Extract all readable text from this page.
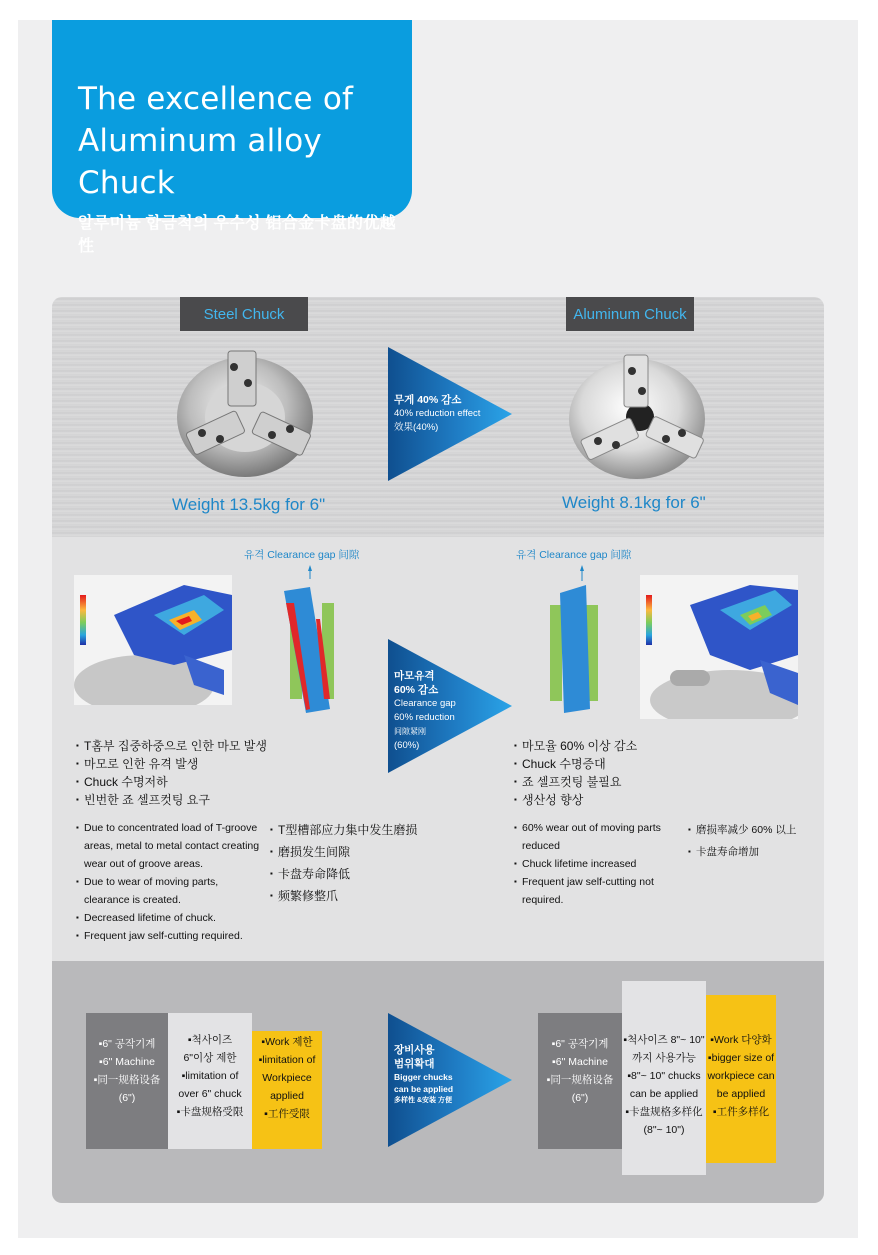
The excellence of
Aluminum alloy Chuck
알루미늄 합금척의 우수성 铝合金卡盘的优越性
Steel Chuck	Aluminum Chuck
Weight 13.5kg for 6"	Weight 8.1kg for 6"
무게 40% 감소
40% reduction effect
效果(40%)
유격 Clearance gap 间隙	유격 Clearance gap 间隙
마모유격
60% 감소
Clearance gap
60% reduction
间隙紧刚
(60%)
▪ T홈부 집중하중으로 인한 마모 발생
▪ 마모로 인한 유격 발생
▪ Chuck 수명저하
▪ 빈번한 죠 셀프컷팅 요구
▪ Due to concentrated load of T-groove areas, metal to metal contact creating wear out of groove areas.
▪ Due to wear of moving parts, clearance is created.
▪ Decreased lifetime of chuck.
▪ Frequent jaw self-cutting required.
▪ T型槽部应力集中发生磨损
▪ 磨损发生间隙
▪ 卡盘寿命降低
▪ 频繁修整爪
▪ 마모율 60% 이상 감소
▪ Chuck 수명증대
▪ 죠 셀프컷팅 불필요
▪ 생산성 향상
▪ 60% wear out of moving parts reduced
▪ Chuck lifetime increased
▪ Frequent jaw self-cutting not required.
▪ 磨损率减少 60% 以上
▪ 卡盘寿命增加
▪6" 공작기계
▪6" Machine
▪同一规格设备
(6")
▪척사이즈
6"이상 제한
▪limitation of
over 6" chuck
▪卡盘规格受限
▪Work 제한
▪limitation of
Workpiece
applied
▪工件受限
장비사용
범위확대
Bigger chucks
can be applied
多样性 &安装 方便
▪6" 공작기계
▪6" Machine
▪同一规格设备
(6")
▪척사이즈 8"~ 10"
까지 사용가능
▪8"~ 10" chucks
can be applied
▪卡盘规格多样化
(8"~ 10")
▪Work 다양화
▪bigger size of
workpiece can
be applied
▪工件多样化
